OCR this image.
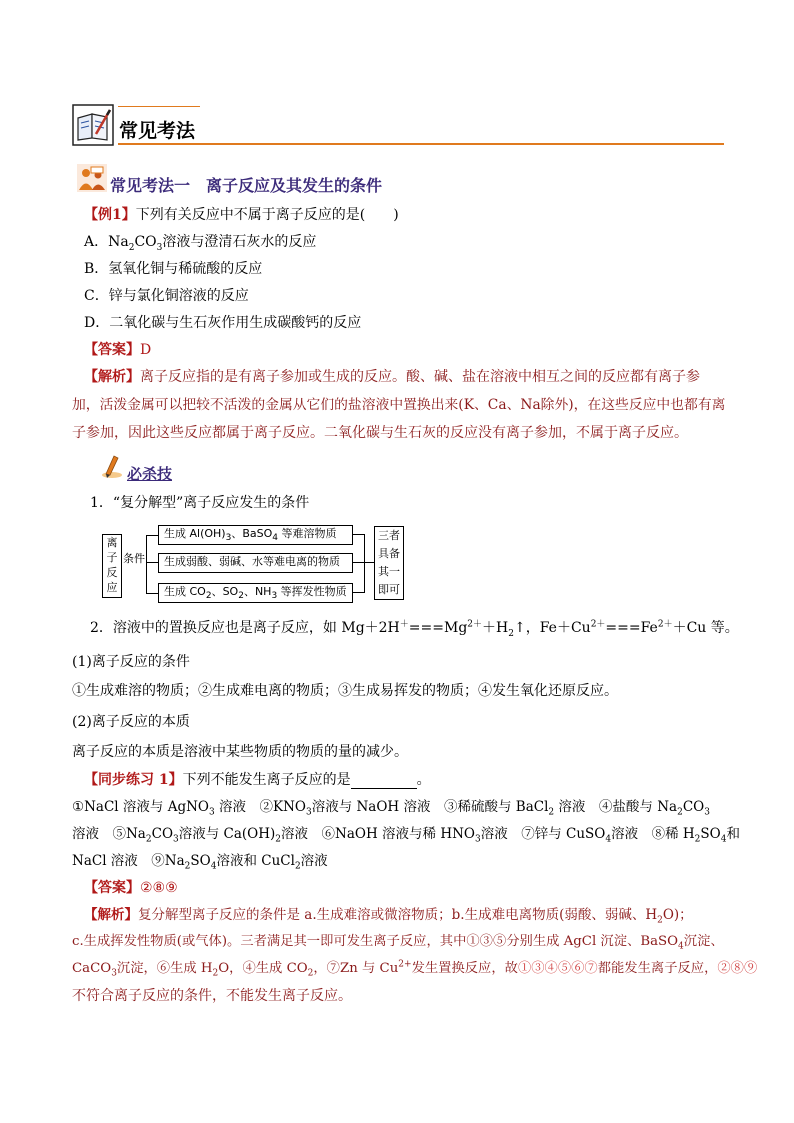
常见考法
常见考法一　离子反应及其发生的条件
【例1】下列有关反应中不属于离子反应的是(　　)
A．$Na_2CO_3$溶液与澄清石灰水的反应
B．氢氧化铜与稀硫酸的反应
C．锌与氯化铜溶液的反应
D．二氧化碳与生石灰作用生成碳酸钙的反应
【答案】D
【解析】离子反应指的是有离子参加或生成的反应。酸、碱、盐在溶液中相互之间的反应都有离子参
加，活泼金属可以把较不活泼的金属从它们的盐溶液中置换出来(K、Ca、Na除外)，在这些反应中也都有离
子参加，因此这些反应都属于离子反应。二氧化碳与生石灰的反应没有离子参加，不属于离子反应。
必杀技
1．“复分解型”离子反应发生的条件
离
子
反
应
条件
生成 $Al(OH)_3$、BaSO$_4$ 等难溶物质
生成弱酸、弱碱、水等难电离的物质
生成 $CO_2$、$SO_2$、$NH_3$ 等挥发性物质
三者
具备
其一
即可
2．溶液中的置换反应也是离子反应，如 $Mg+2H^+===Mg^{2+}+H_2↑$，$Fe+Cu^{2+}===Fe^{2+}+Cu$ 等。
(1)离子反应的条件
①生成难溶的物质；②生成难电离的物质；③生成易挥发的物质；④发生氧化还原反应。
(2)离子反应的本质
离子反应的本质是溶液中某些物质的物质的量的减少。
【同步练习 1】下列不能发生离子反应的是	。
①NaCl 溶液与 AgNO$_3$ 溶液　$②KNO_3$溶液与 NaOH 溶液　③稀硫酸与 BaCl$_2$ 溶液　④盐酸与 $Na_2CO_3$
溶液　$⑤Na_2CO_3$溶液与 $Ca(OH)_2$溶液　⑥NaOH 溶液与稀 $HNO_3$溶液　⑦锌与 CuSO$_4$溶液　⑧稀 $H_2SO_4$和
NaCl 溶液　$⑨Na_2SO_4$溶液和 CuCl$_2$溶液
【答案】②⑧⑨
【解析】复分解型离子反应的条件是 a.生成难溶或微溶物质；b.生成难电离物质(弱酸、弱碱、$H_2O$)；
c.生成挥发性物质(或气体)。三者满足其一即可发生离子反应，其中①③⑤分别生成 AgCl 沉淀、BaSO$_4$沉淀、
CaCO$_3$沉淀，⑥生成 $H_2O$，④生成 $CO_2$，⑦Zn 与 $Cu^{2+}$发生置换反应，故①③④⑤⑥⑦都能发生离子反应，②⑧⑨
不符合离子反应的条件，不能发生离子反应。
